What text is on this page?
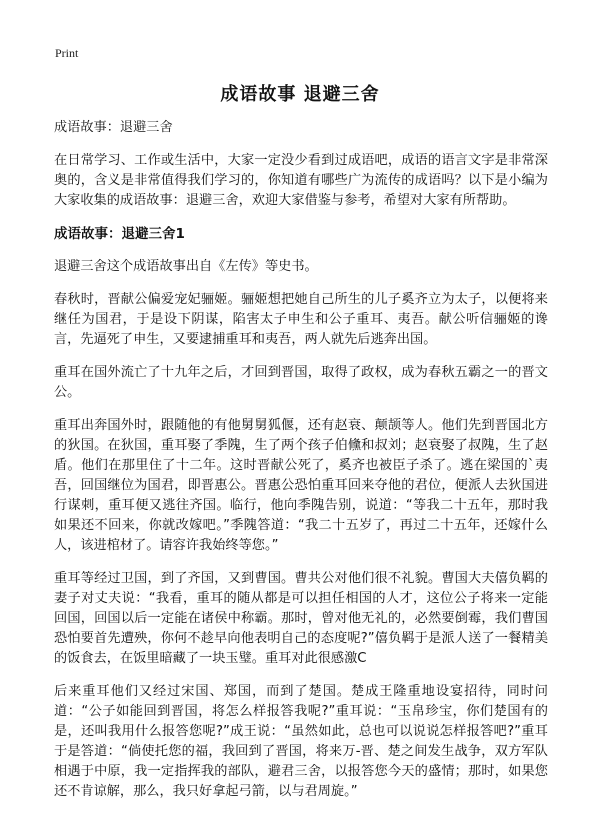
Print
成语故事 退避三舍

成语故事：退避三舍

在日常学习、工作或生活中，大家一定没少看到过成语吧，成语的语言文字是非常深奥的，含义是非常值得我们学习的，你知道有哪些广为流传的成语吗？以下是小编为大家收集的成语故事：退避三舍，欢迎大家借鉴与参考，希望对大家有所帮助。

成语故事：退避三舍1

退避三舍这个成语故事出自《左传》等史书。

春秋时，晋献公偏爱宠妃骊姬。骊姬想把她自己所生的儿子奚齐立为太子，以便将来继任为国君，于是设下阴谋，陷害太子申生和公子重耳、夷吾。献公听信骊姬的谗言，先逼死了申生，又要逮捕重耳和夷吾，两人就先后逃奔出国。

重耳在国外流亡了十九年之后，才回到晋国，取得了政权，成为春秋五霸之一的晋文公。

重耳出奔国外时，跟随他的有他舅舅狐偃，还有赵衰、颠颉等人。他们先到晋国北方的狄国。在狄国，重耳娶了季隗，生了两个孩子伯儵和叔刘；赵衰娶了叔隗，生了赵盾。他们在那里住了十二年。这时晋献公死了，奚齐也被臣子杀了。逃在梁国的`夷吾，回国继位为国君，即晋惠公。晋惠公恐怕重耳回来夺他的君位，便派人去狄国进行谋刺，重耳便又逃往齐国。临行，他向季隗告别，说道：“等我二十五年，那时我如果还不回来，你就改嫁吧。”季隗答道：“我二十五岁了，再过二十五年，还嫁什么人，该进棺材了。请容许我始终等您。”

重耳等经过卫国，到了齐国，又到曹国。曹共公对他们很不礼貌。曹国大夫僖负羁的妻子对丈夫说：“我看，重耳的随从都是可以担任相国的人才，这位公子将来一定能回国，回国以后一定能在诸侯中称霸。那时，曾对他无礼的，必然要倒霉，我们曹国恐怕要首先遭殃，你何不趁早向他表明自己的态度呢?”僖负羁于是派人送了一餐精美的饭食去，在饭里暗藏了一块玉璧。重耳对此很感激C

后来重耳他们又经过宋国、郑国，而到了楚国。楚成王隆重地设宴招待，同时问道：“公子如能回到晋国，将怎么样报答我呢?”重耳说：“玉帛珍宝，你们楚国有的是，还叫我用什么报答您呢?”成王说：“虽然如此，总也可以说说怎样报答吧?”重耳于是答道：“倘使托您的福，我回到了晋国，将来万-晋、楚之间发生战争，双方军队相遇于中原，我一定指挥我的部队，避君三舍，以报答您今天的盛情；那时，如果您还不肯谅解，那么，我只好拿起弓箭，以与君周旋。”
